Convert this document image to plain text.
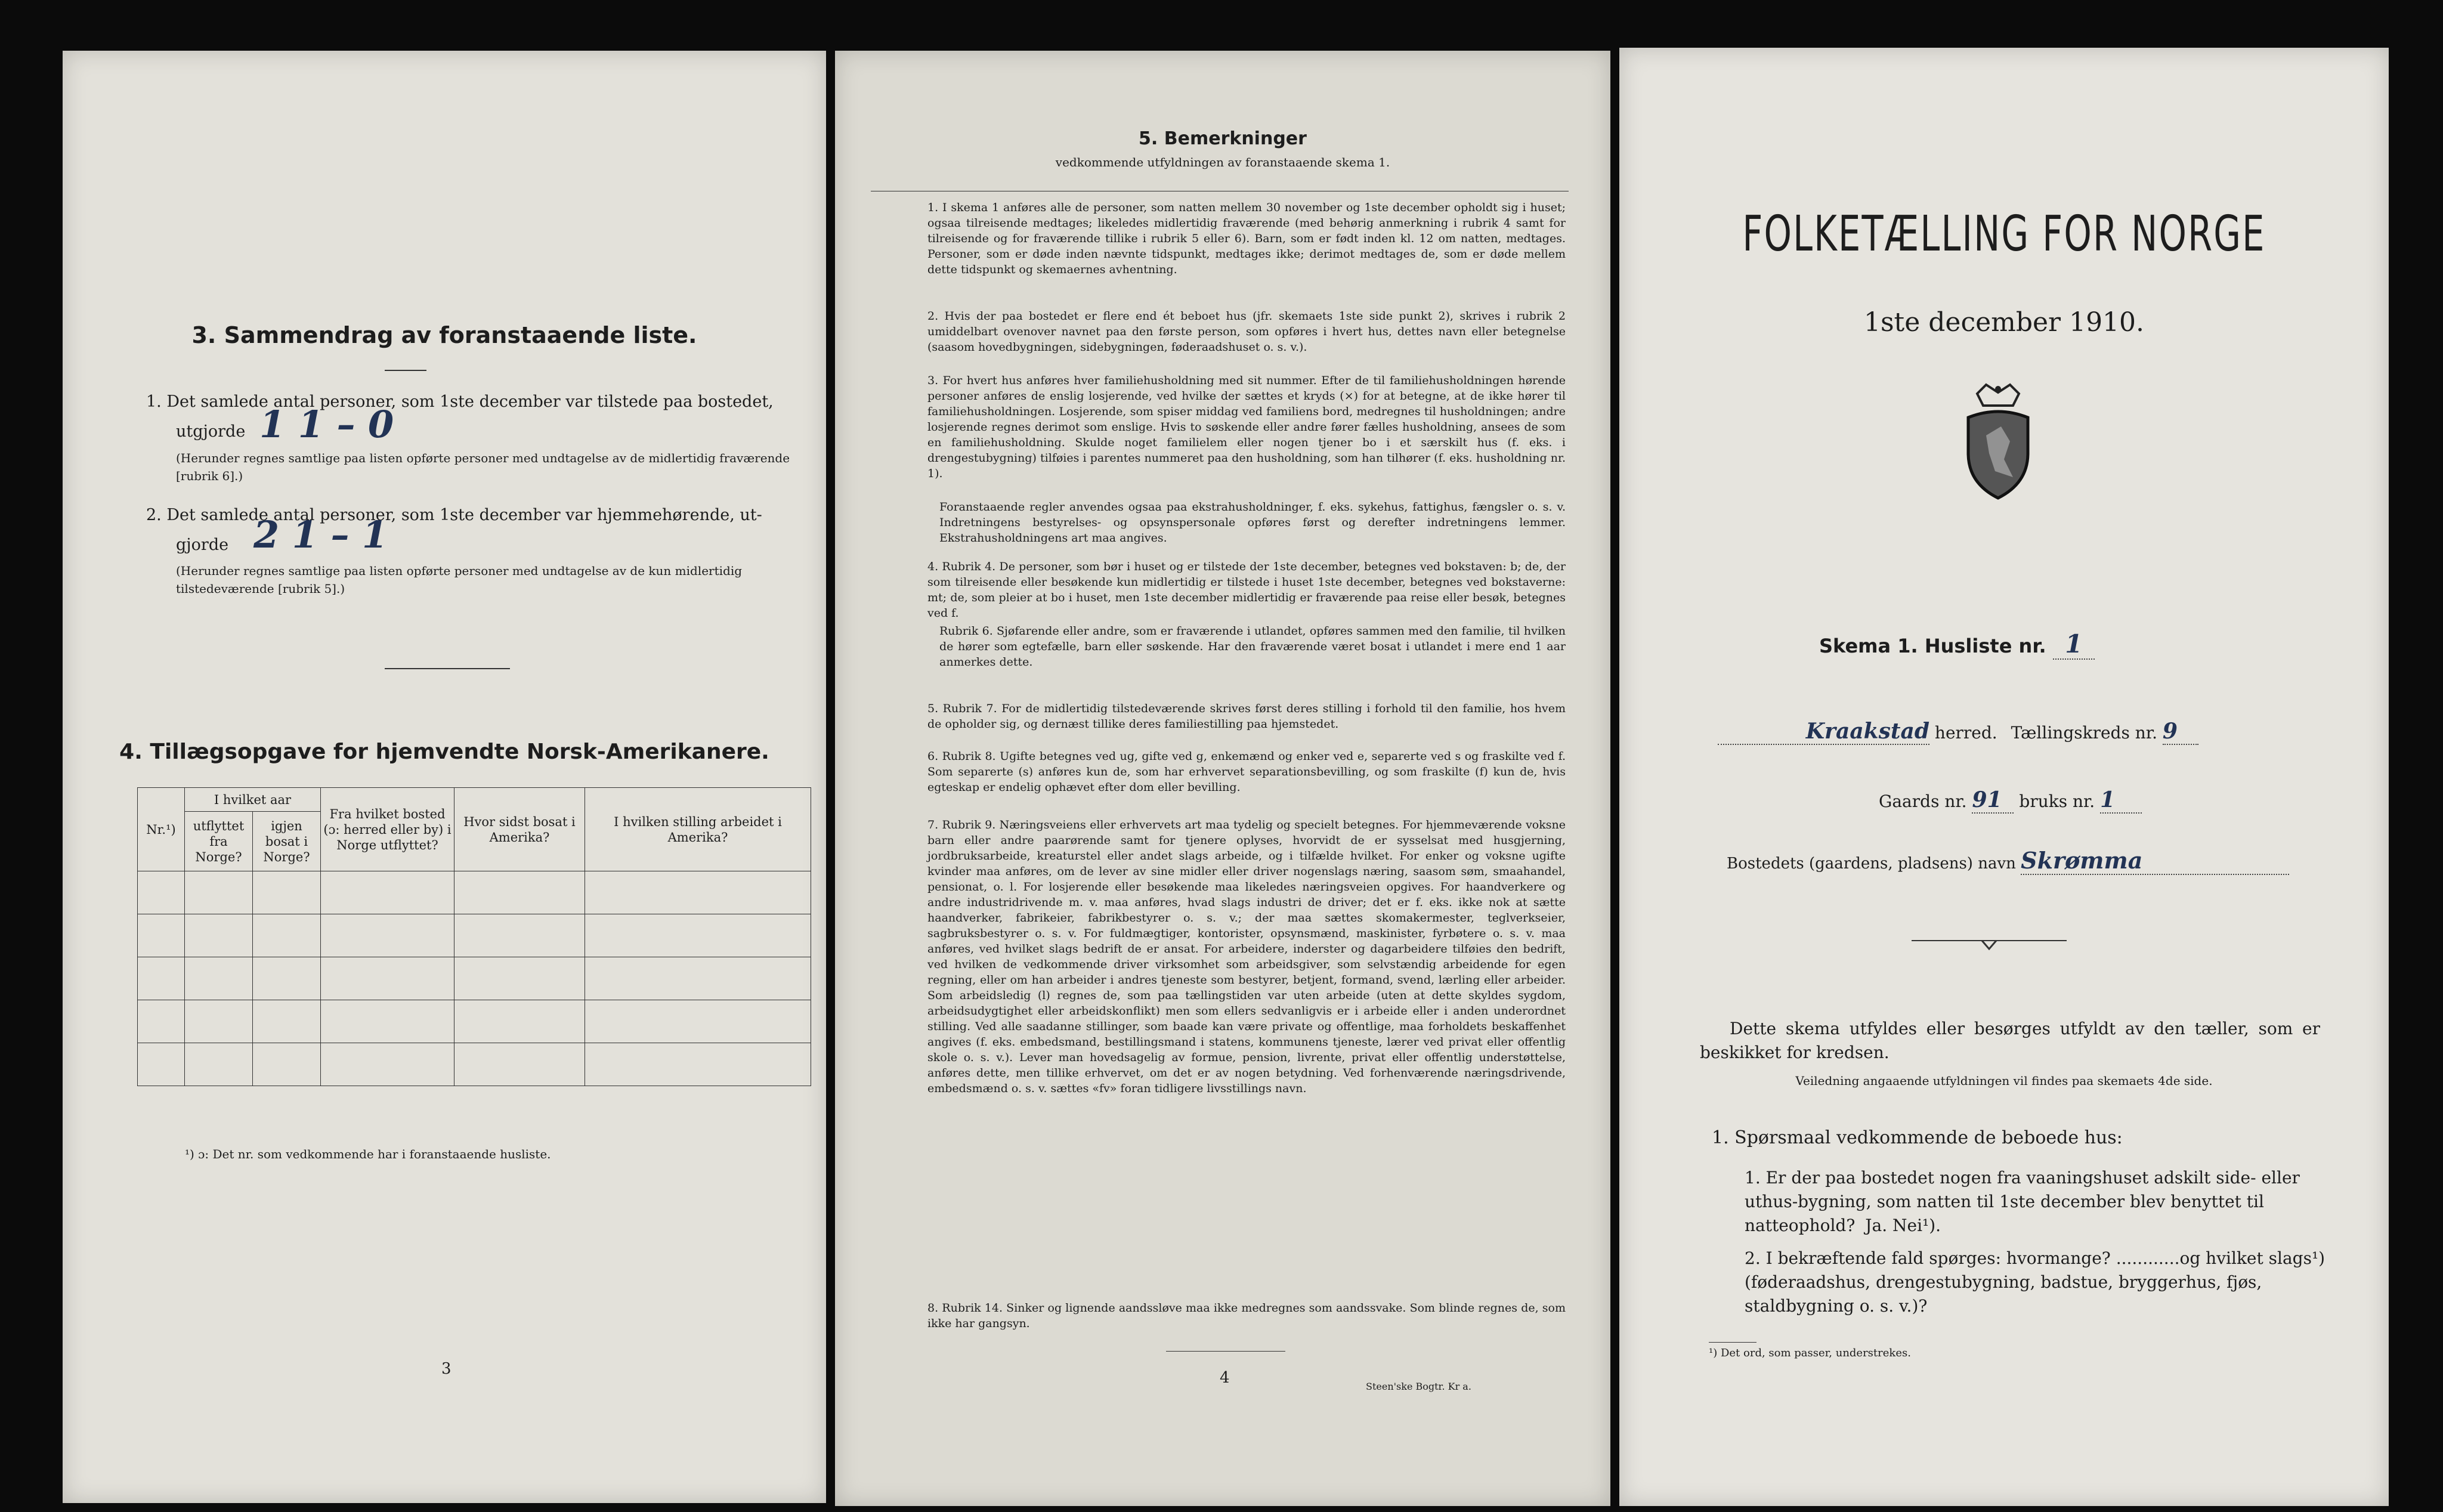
3. Sammendrag av foranstaaende liste.
1. Det samlede antal personer, som 1ste december var tilstede paa bostedet,
utgjorde 1 1 – 0
(Herunder regnes samtlige paa listen opførte personer med undtagelse av de midlertidig fraværende [rubrik 6].)
2. Det samlede antal personer, som 1ste december var hjemmehørende, ut-
gjorde 2 1 – 1
(Herunder regnes samtlige paa listen opførte personer med undtagelse av de kun midlertidig tilstedeværende [rubrik 5].)
4. Tillægsopgave for hjemvendte Norsk-Amerikanere.
Nr.¹)	I hvilket aar		Fra hvilket bosted (ɔ: herred eller by) i Norge utflyttet?	Hvor sidst bosat i Amerika?	I hvilken stilling arbeidet i Amerika?
	utflyttet fra Norge?	igjen bosat i Norge?			

¹) ɔ: Det nr. som vedkommende har i foranstaaende husliste.
3
5. Bemerkninger
vedkommende utfyldningen av foranstaaende skema 1.
1. I skema 1 anføres alle de personer, som natten mellem 30 november og 1ste december opholdt sig i huset; ogsaa tilreisende medtages; likeledes midlertidig fraværende (med behørig anmerkning i rubrik 4 samt for tilreisende og for fraværende tillike i rubrik 5 eller 6). Barn, som er født inden kl. 12 om natten, medtages. Personer, som er døde inden nævnte tidspunkt, medtages ikke; derimot medtages de, som er døde mellem dette tidspunkt og skemaernes avhentning.
2. Hvis der paa bostedet er flere end ét beboet hus (jfr. skemaets 1ste side punkt 2), skrives i rubrik 2 umiddelbart ovenover navnet paa den første person, som opføres i hvert hus, dettes navn eller betegnelse (saasom hovedbygningen, sidebygningen, føderaadshuset o. s. v.).
3. For hvert hus anføres hver familiehusholdning med sit nummer. Efter de til familiehusholdningen hørende personer anføres de enslig losjerende, ved hvilke der sættes et kryds (×) for at betegne, at de ikke hører til familiehusholdningen. Losjerende, som spiser middag ved familiens bord, medregnes til husholdningen; andre losjerende regnes derimot som enslige. Hvis to søskende eller andre fører fælles husholdning, ansees de som en familiehusholdning. Skulde noget familielem eller nogen tjener bo i et særskilt hus (f. eks. i drengestubygning) tilføies i parentes nummeret paa den husholdning, som han tilhører (f. eks. husholdning nr. 1).
Foranstaaende regler anvendes ogsaa paa ekstrahusholdninger, f. eks. sykehus, fattighus, fængsler o. s. v. Indretningens bestyrelses- og opsynspersonale opføres først og derefter indretningens lemmer. Ekstrahusholdningens art maa angives.
4. Rubrik 4. De personer, som bør i huset og er tilstede der 1ste december, betegnes ved bokstaven: b; de, der som tilreisende eller besøkende kun midlertidig er tilstede i huset 1ste december, betegnes ved bokstaverne: mt; de, som pleier at bo i huset, men 1ste december midlertidig er fraværende paa reise eller besøk, betegnes ved f.
Rubrik 6. Sjøfarende eller andre, som er fraværende i utlandet, opføres sammen med den familie, til hvilken de hører som egtefælle, barn eller søskende. Har den fraværende været bosat i utlandet i mere end 1 aar anmerkes dette.
5. Rubrik 7. For de midlertidig tilstedeværende skrives først deres stilling i forhold til den familie, hos hvem de opholder sig, og dernæst tillike deres familiestilling paa hjemstedet.
6. Rubrik 8. Ugifte betegnes ved ug, gifte ved g, enkemænd og enker ved e, separerte ved s og fraskilte ved f. Som separerte (s) anføres kun de, som har erhvervet separationsbevilling, og som fraskilte (f) kun de, hvis egteskap er endelig ophævet efter dom eller bevilling.
7. Rubrik 9. Næringsveiens eller erhvervets art maa tydelig og specielt betegnes. For hjemmeværende voksne barn eller andre paarørende samt for tjenere oplyses, hvorvidt de er sysselsat med husgjerning, jordbruksarbeide, kreaturstel eller andet slags arbeide, og i tilfælde hvilket. For enker og voksne ugifte kvinder maa anføres, om de lever av sine midler eller driver nogenslags næring, saasom søm, smaahandel, pensionat, o. l. For losjerende eller besøkende maa likeledes næringsveien opgives. For haandverkere og andre industridrivende m. v. maa anføres, hvad slags industri de driver; det er f. eks. ikke nok at sætte haandverker, fabrikeier, fabrikbestyrer o. s. v.; der maa sættes skomakermester, teglverkseier, sagbruksbestyrer o. s. v. For fuldmægtiger, kontorister, opsynsmænd, maskinister, fyrbøtere o. s. v. maa anføres, ved hvilket slags bedrift de er ansat. For arbeidere, inderster og dagarbeidere tilføies den bedrift, ved hvilken de vedkommende driver virksomhet som arbeidsgiver, som selvstændig arbeidende for egen regning, eller om han arbeider i andres tjeneste som bestyrer, betjent, formand, svend, lærling eller arbeider. Som arbeidsledig (l) regnes de, som paa tællingstiden var uten arbeide (uten at dette skyldes sygdom, arbeidsudygtighet eller arbeidskonflikt) men som ellers sedvanligvis er i arbeide eller i anden underordnet stilling. Ved alle saadanne stillinger, som baade kan være private og offentlige, maa forholdets beskaffenhet angives (f. eks. embedsmand, bestillingsmand i statens, kommunens tjeneste, lærer ved privat eller offentlig skole o. s. v.). Lever man hovedsagelig av formue, pension, livrente, privat eller offentlig understøttelse, anføres dette, men tillike erhvervet, om det er av nogen betydning. Ved forhenværende næringsdrivende, embedsmænd o. s. v. sættes «fv» foran tidligere livsstillings navn.
8. Rubrik 14. Sinker og lignende aandssløve maa ikke medregnes som aandssvake. Som blinde regnes de, som ikke har gangsyn.
4	Steen'ske Bogtr. Kr a.
FOLKETÆLLING FOR NORGE
1ste december 1910.
Skema 1. Husliste nr. 1
Kraakstad herred. Tællingskreds nr. 9
Gaards nr. 91 bruks nr. 1
Bostedets (gaardens, pladsens) navn Skrømma
Dette skema utfyldes eller besørges utfyldt av den tæller, som er beskikket for kredsen.
Veiledning angaaende utfyldningen vil findes paa skemaets 4de side.
1. Spørsmaal vedkommende de beboede hus:
1. Er der paa bostedet nogen fra vaaningshuset adskilt side- eller uthus-bygning, som natten til 1ste december blev benyttet til natteophold? Ja. Nei¹).
2. I bekræftende fald spørges: hvormange? ............og hvilket slags¹) (føderaadshus, drengestubygning, badstue, bryggerhus, fjøs, staldbygning o. s. v.)?
¹) Det ord, som passer, understrekes.
